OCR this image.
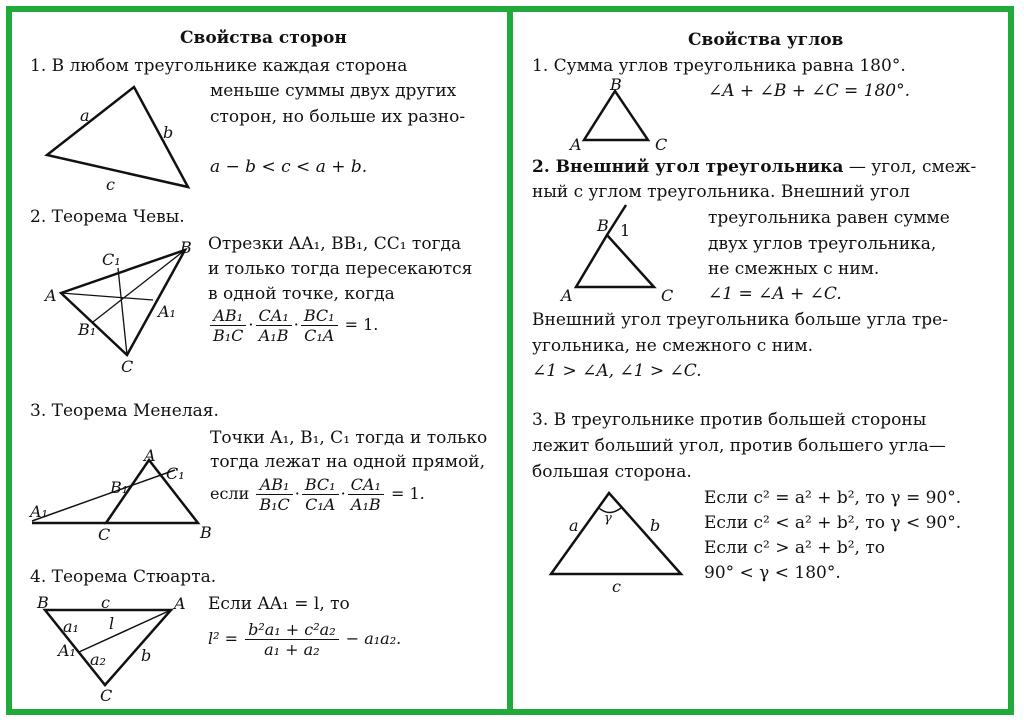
Свойства сторон
1. В любом треугольнике каждая сторона
меньше суммы двух других
сторон, но больше их разно-
a − b < c < a + b.
a
b
c
2. Теорема Чевы.
Отрезки AA₁, BB₁, CC₁ тогда
и только тогда пересекаются
в одной точке, когда
$\frac{\text{AB₁}}{\text{B₁C}} \cdot \frac{\text{CA₁}}{\text{A₁B}} \cdot \frac{\text{BC₁}}{\text{C₁A}} = 1$.
B
C₁
A
A₁
B₁
C
3. Теорема Менелая.
Точки A₁, B₁, C₁ тогда и только
тогда лежат на одной прямой,
если $\frac{\text{AB₁}}{\text{B₁C}} \cdot \frac{\text{BC₁}}{\text{C₁A}} \cdot \frac{\text{CA₁}}{\text{A₁B}} = 1$.
A
C₁
B₁
A₁
C	B
4. Теорема Стюарта.
Если AA₁ = l, то
$l^2 = \frac{\text{b²a₁ + c²a₂}}{\text{a₁ + a₂}} - a_1a_2$.
B	c	A
a₁ l
A₁ a₂ b
C
Свойства углов
1. Сумма углов треугольника равна 180°.
∠A + ∠B + ∠C = 180°.
B
A	C
2. Внешний угол треугольника — угол, смеж-
ный с углом треугольника. Внешний угол
треугольника равен сумме
двух углов треугольника,
не смежных с ним.
∠1 = ∠A + ∠C.
Внешний угол треугольника больше угла тре-
угольника, не смежного с ним.
∠1 > ∠A, ∠1 > ∠C.
B 1
A	C
3. В треугольнике против большей стороны
лежит больший угол, против большего угла—
большая сторона.
Если c² = a² + b², то γ = 90°.
Если c² < a² + b², то γ < 90°.
Если c² > a² + b², то
90° < γ < 180°.
a γ b
c
